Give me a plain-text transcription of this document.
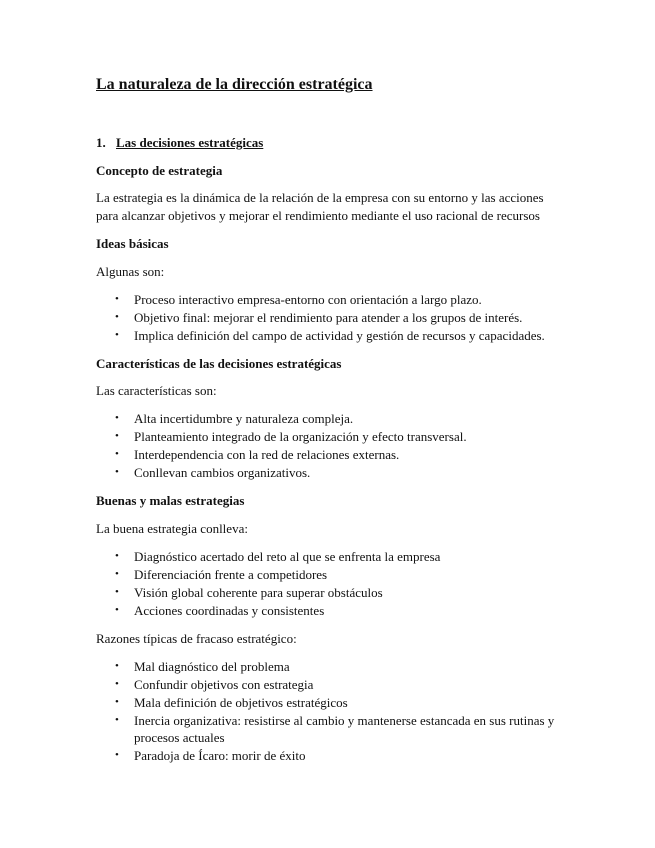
La naturaleza de la dirección estratégica
1. Las decisiones estratégicas
Concepto de estrategia

La estrategia es la dinámica de la relación de la empresa con su entorno y las acciones para alcanzar objetivos y mejorar el rendimiento mediante el uso racional de recursos

Ideas básicas

Algunas son:

• Proceso interactivo empresa-entorno con orientación a largo plazo.
• Objetivo final: mejorar el rendimiento para atender a los grupos de interés.
• Implica definición del campo de actividad y gestión de recursos y capacidades.
Características de las decisiones estratégicas

Las características son:

• Alta incertidumbre y naturaleza compleja.
• Planteamiento integrado de la organización y efecto transversal.
• Interdependencia con la red de relaciones externas.
• Conllevan cambios organizativos.
Buenas y malas estrategias

La buena estrategia conlleva:

• Diagnóstico acertado del reto al que se enfrenta la empresa
• Diferenciación frente a competidores
• Visión global coherente para superar obstáculos
• Acciones coordinadas y consistentes

Razones típicas de fracaso estratégico:

• Mal diagnóstico del problema
• Confundir objetivos con estrategia
• Mala definición de objetivos estratégicos
• Inercia organizativa: resistirse al cambio y mantenerse estancada en sus rutinas y procesos actuales
• Paradoja de Ícaro: morir de éxito
